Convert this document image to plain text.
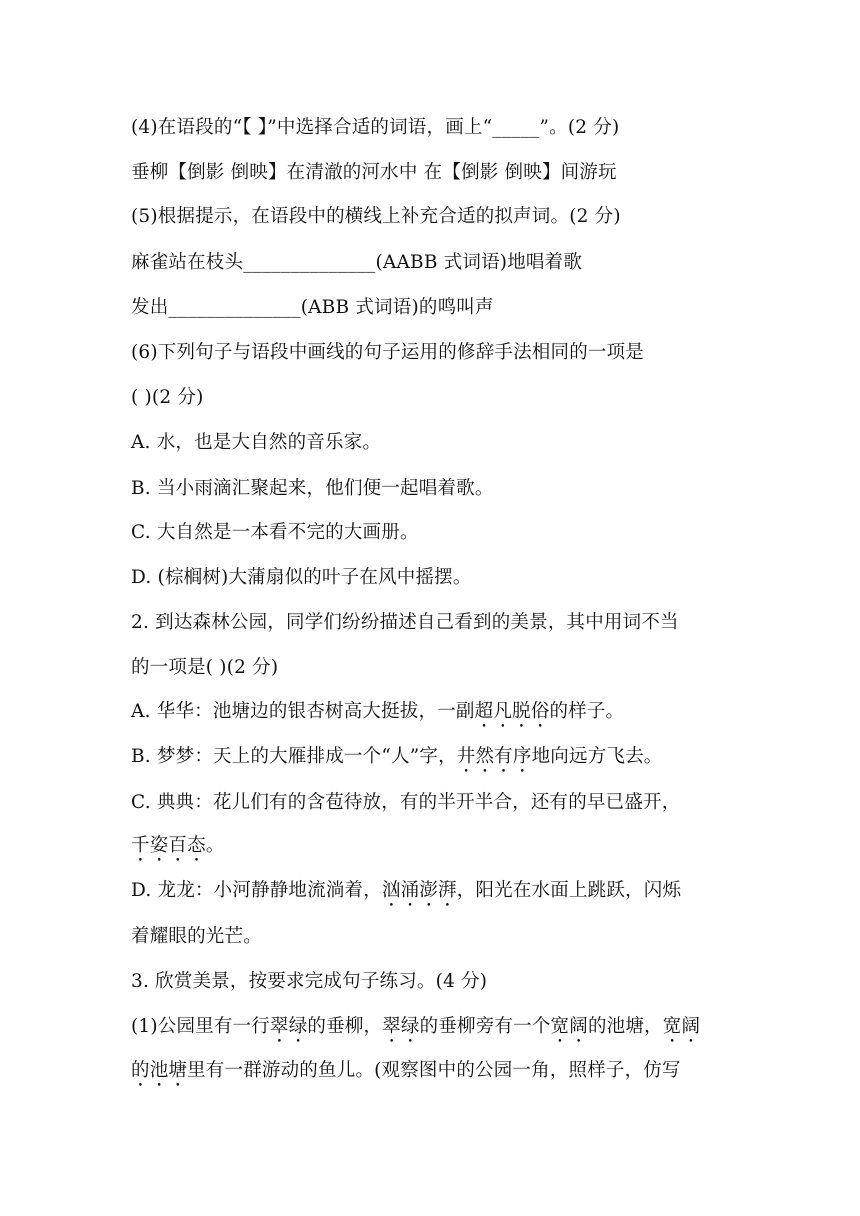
(4)在语段的“【 】”中选择合适的词语，画上“_____”。(2 分)
垂柳【倒影 倒映】在清澈的河水中 在【倒影 倒映】间游玩
(5)根据提示，在语段中的横线上补充合适的拟声词。(2 分)
麻雀站在枝头______________(AABB 式词语)地唱着歌
发出______________(ABB 式词语)的鸣叫声
(6)下列句子与语段中画线的句子运用的修辞手法相同的一项是
( )(2 分)
A. 水，也是大自然的音乐家。
B. 当小雨滴汇聚起来，他们便一起唱着歌。
C. 大自然是一本看不完的大画册。
D. (棕榈树)大蒲扇似的叶子在风中摇摆。
2. 到达森林公园，同学们纷纷描述自己看到的美景，其中用词不当
的一项是( )(2 分)
A. 华华：池塘边的银杏树高大挺拔，一副超凡脱俗的样子。
B. 梦梦：天上的大雁排成一个“人”字，井然有序地向远方飞去。
C. 典典：花儿们有的含苞待放，有的半开半合，还有的早已盛开，
千姿百态。
D. 龙龙：小河静静地流淌着，汹涌澎湃，阳光在水面上跳跃，闪烁
着耀眼的光芒。
3. 欣赏美景，按要求完成句子练习。(4 分)
(1)公园里有一行翠绿的垂柳，翠绿的垂柳旁有一个宽阔的池塘，宽阔
的池塘里有一群游动的鱼儿。(观察图中的公园一角，照样子，仿写
